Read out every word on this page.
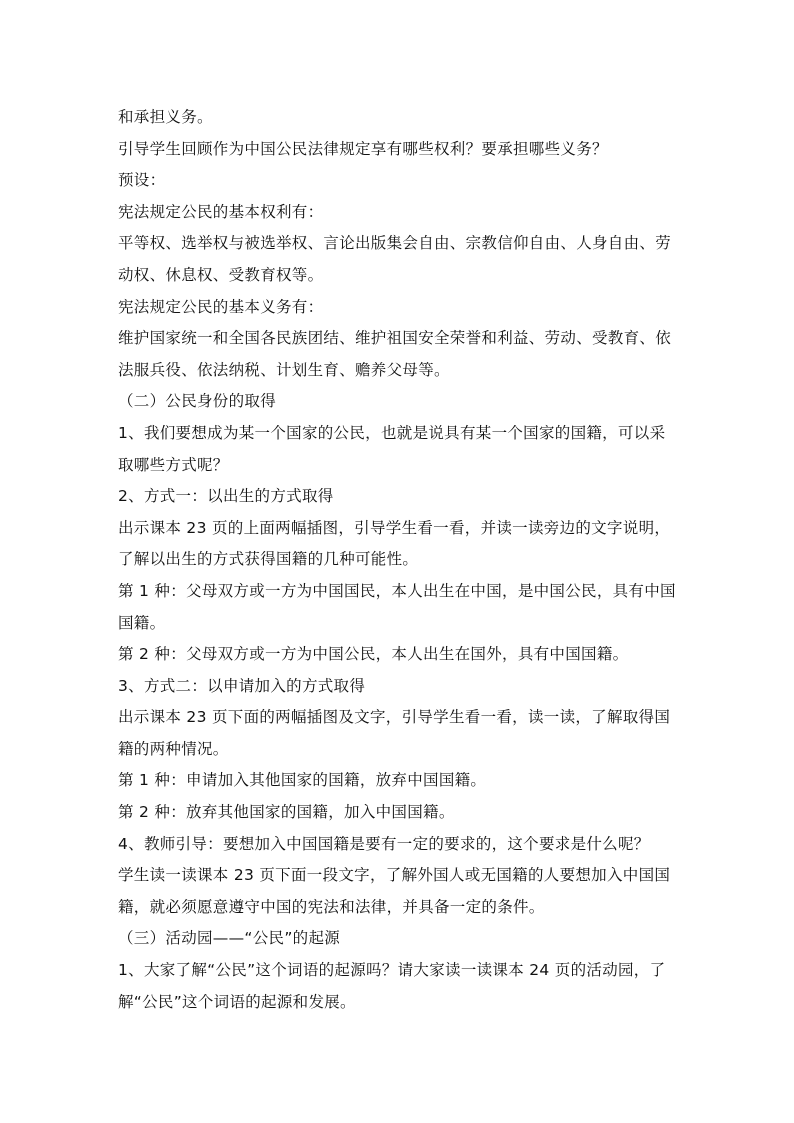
和承担义务。
引导学生回顾作为中国公民法律规定享有哪些权利？要承担哪些义务？
预设：
宪法规定公民的基本权利有：
平等权、选举权与被选举权、言论出版集会自由、宗教信仰自由、人身自由、劳
动权、休息权、受教育权等。
宪法规定公民的基本义务有：
维护国家统一和全国各民族团结、维护祖国安全荣誉和利益、劳动、受教育、依
法服兵役、依法纳税、计划生育、赡养父母等。
（二）公民身份的取得
1、我们要想成为某一个国家的公民，也就是说具有某一个国家的国籍，可以采
取哪些方式呢？
2、方式一：以出生的方式取得
出示课本 23 页的上面两幅插图，引导学生看一看，并读一读旁边的文字说明，
了解以出生的方式获得国籍的几种可能性。
第 1 种：父母双方或一方为中国国民，本人出生在中国，是中国公民，具有中国
国籍。
第 2 种：父母双方或一方为中国公民，本人出生在国外，具有中国国籍。
3、方式二：以申请加入的方式取得
出示课本 23 页下面的两幅插图及文字，引导学生看一看，读一读，了解取得国
籍的两种情况。
第 1 种：申请加入其他国家的国籍，放弃中国国籍。
第 2 种：放弃其他国家的国籍，加入中国国籍。
4、教师引导：要想加入中国国籍是要有一定的要求的，这个要求是什么呢？
学生读一读课本 23 页下面一段文字，了解外国人或无国籍的人要想加入中国国
籍，就必须愿意遵守中国的宪法和法律，并具备一定的条件。
（三）活动园——“公民”的起源
1、大家了解“公民”这个词语的起源吗？请大家读一读课本 24 页的活动园，了
解“公民”这个词语的起源和发展。
